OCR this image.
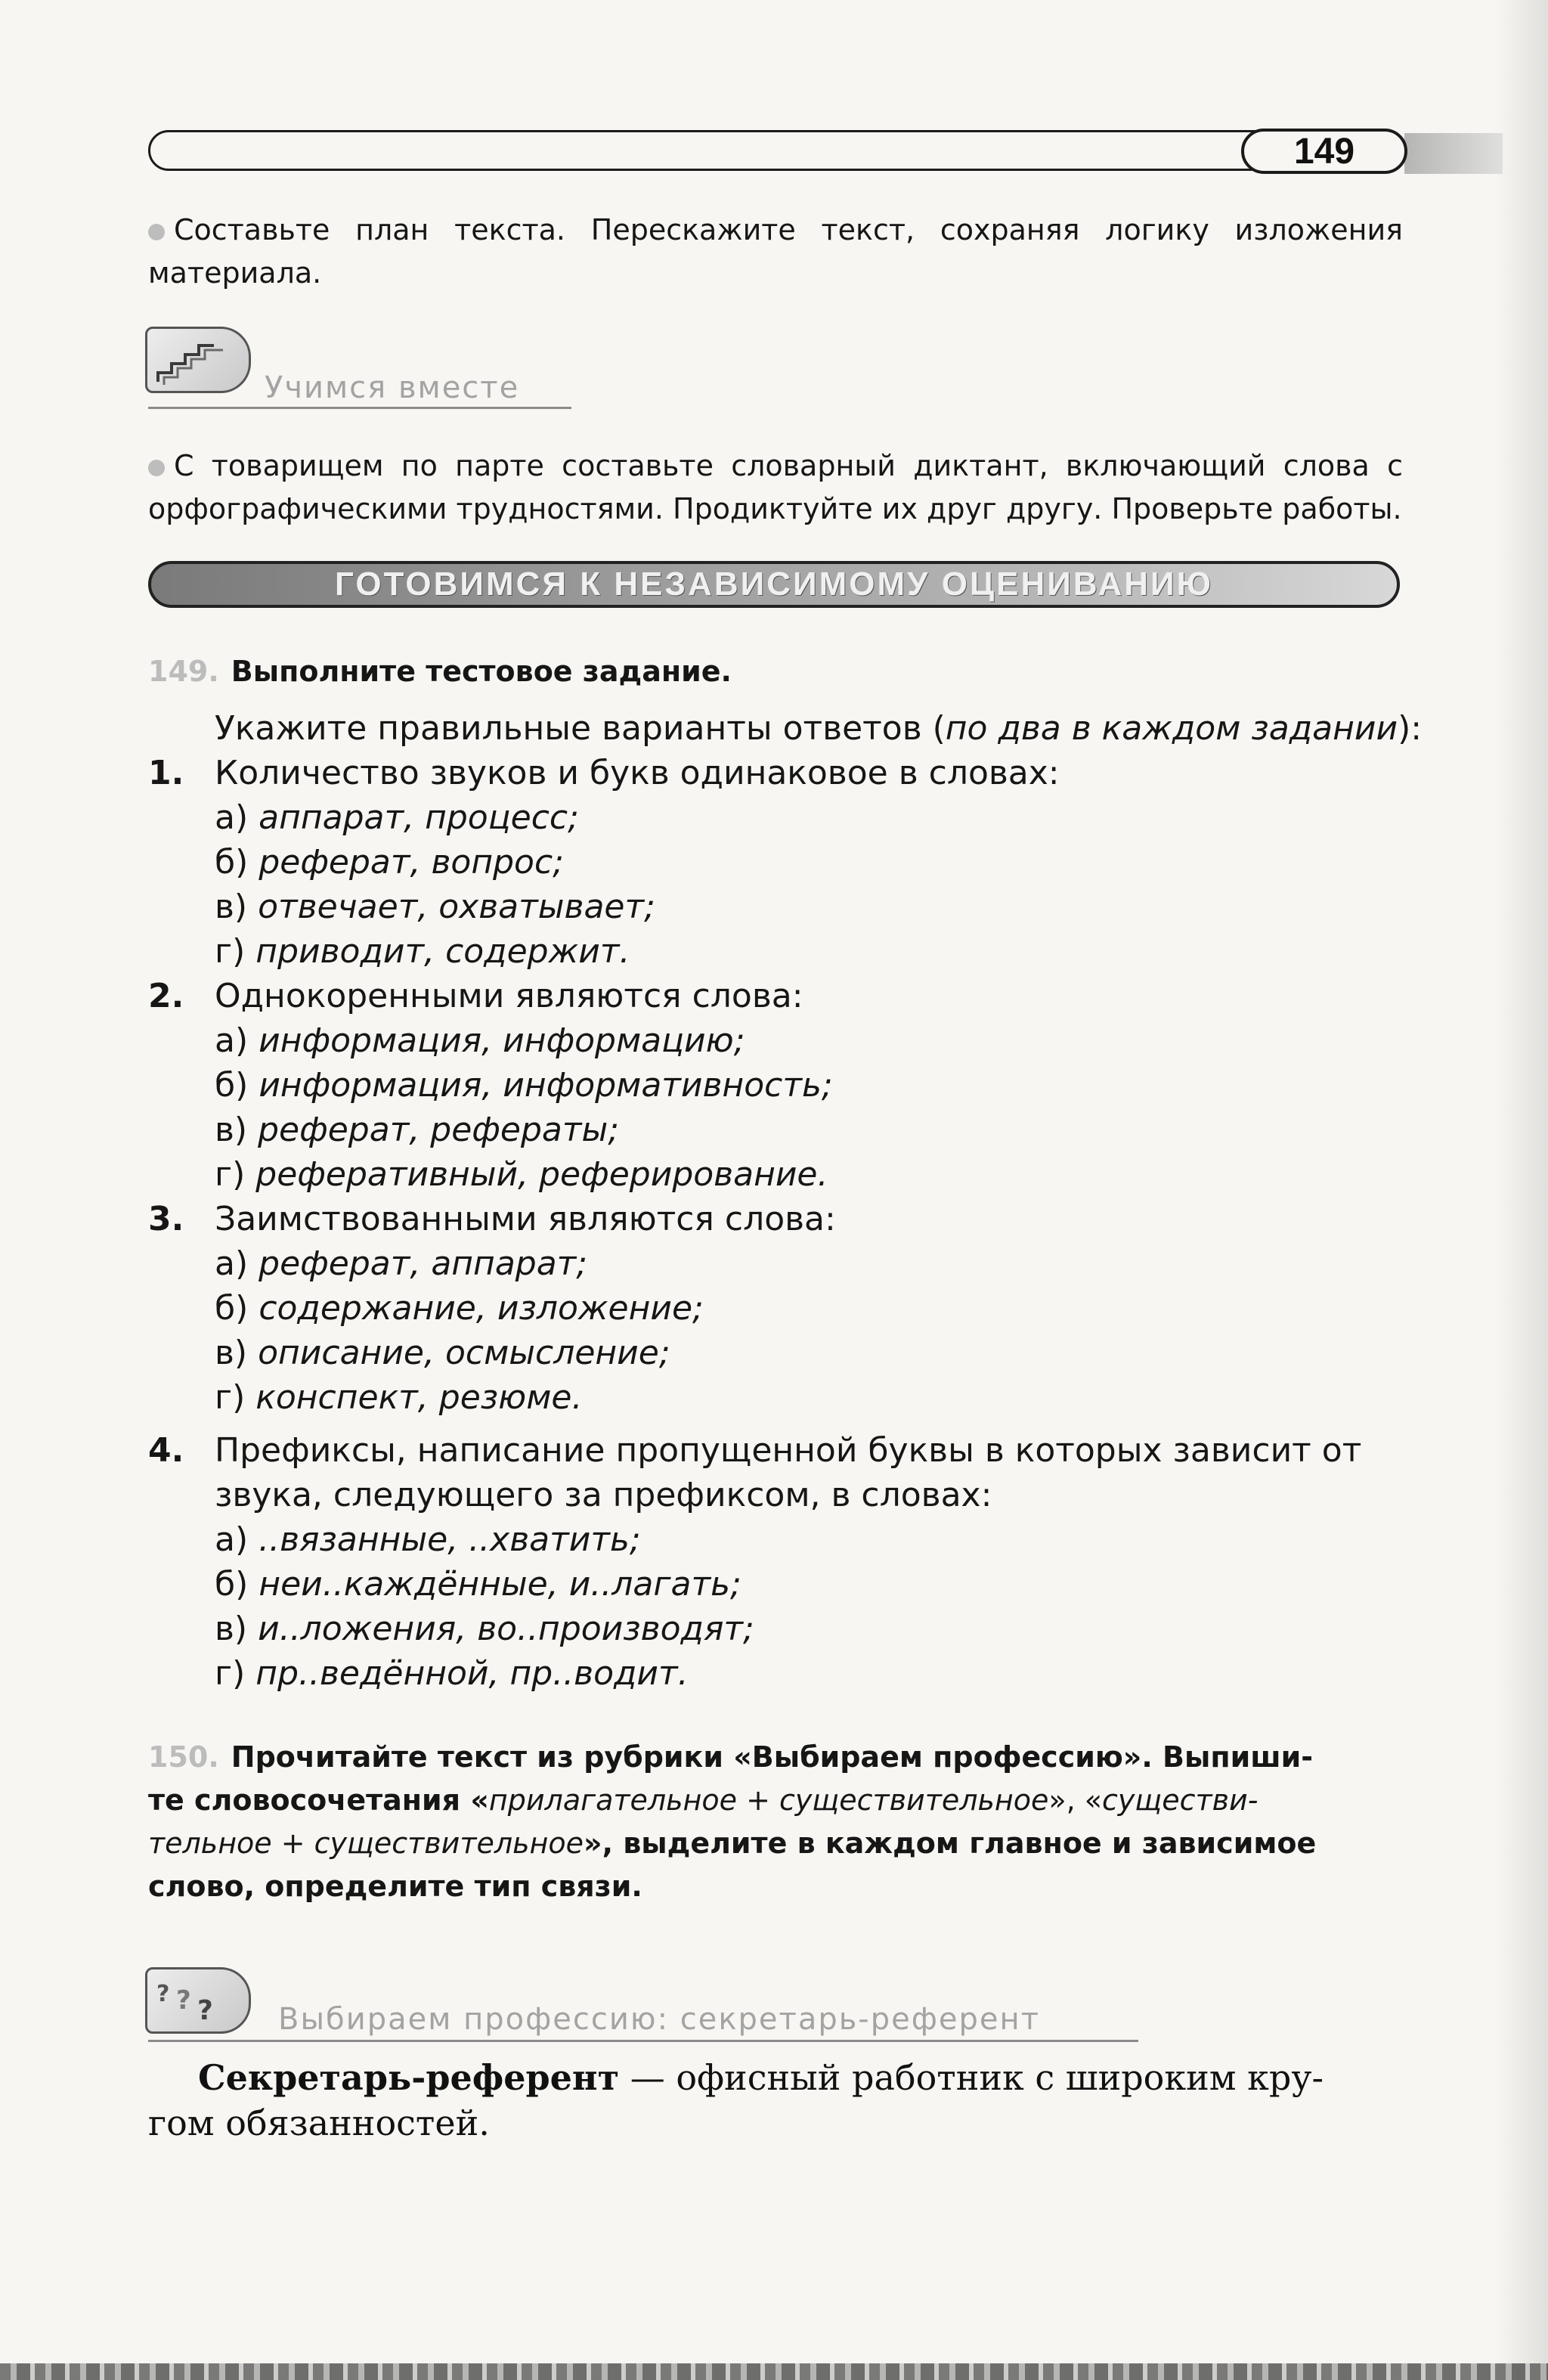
149
Составьте план текста. Перескажите текст, сохраняя логику изложения материала.
Учимся вместе
С товарищем по парте составьте словарный диктант, включающий слова с орфографическими трудностями. Продиктуйте их друг другу. Проверьте работы.
ГОТОВИМСЯ К НЕЗАВИСИМОМУ ОЦЕНИВАНИЮ
149. Выполните тестовое задание.
Укажите правильные варианты ответов (по два в каждом задании):
1. Количество звуков и букв одинаковое в словах:
а) аппарат, процесс;
б) реферат, вопрос;
в) отвечает, охватывает;
г) приводит, содержит.
2. Однокоренными являются слова:
а) информация, информацию;
б) информация, информативность;
в) реферат, рефераты;
г) реферативный, реферирование.
3. Заимствованными являются слова:
а) реферат, аппарат;
б) содержание, изложение;
в) описание, осмысление;
г) конспект, резюме.
4. Префиксы, написание пропущенной буквы в которых зависит от
звука, следующего за префиксом, в словах:
а) ..вязанные, ..хватить;
б) неи..каждённые, и..лагать;
в) и..ложения, во..производят;
г) пр..ведённой, пр..водит.
150. Прочитайте текст из рубрики «Выбираем профессию». Выпиши-
те словосочетания «прилагательное + существительное», «существи-
тельное + существительное», выделите в каждом главное и зависимое
слово, определите тип связи.
? ? ? Выбираем профессию: секретарь-референт
Секретарь-референт — офисный работник с широким кру-
гом обязанностей.
